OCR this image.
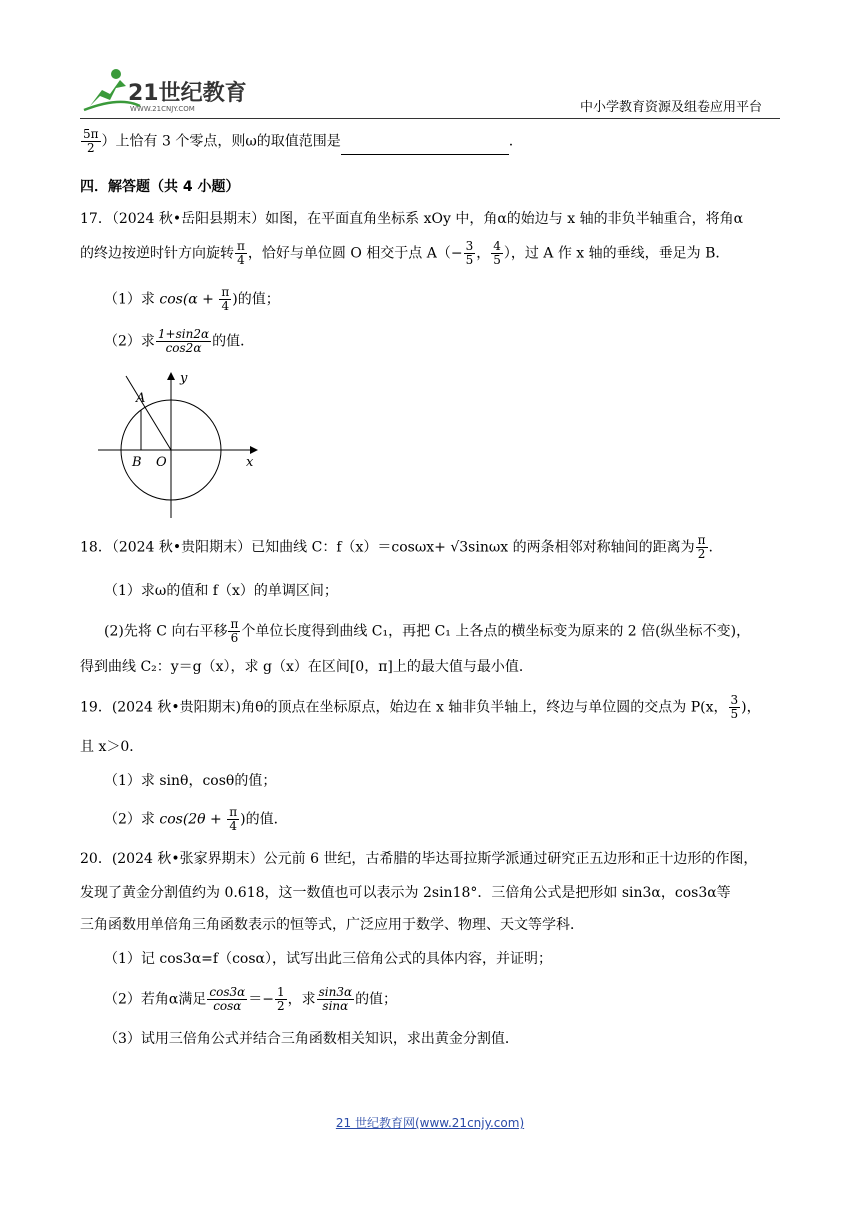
21世纪教育
WWW.21CNJY.COM	中小学教育资源及组卷应用平台
$\frac{5\pi}{2}$ ）上恰有 3 个零点，则ω的取值范围是	.
四．解答题（共 4 小题）
17．（2024 秋•岳阳县期末）如图，在平面直角坐标系 xOy 中，角α的始边与 x 轴的非负半轴重合，将角α
的终边按逆时针方向旋转 $\frac{\pi}{4}$ ，恰好与单位圆 O 相交于点 $A(- \frac{3}{5}$ ， $\frac{4}{5}$ ），过 A 作 x 轴的垂线，垂足为 B．
（1）求 $\cos(\alpha + \frac{\pi}{4}$ )的值；
（2）求 $\frac{1+\sin 2\alpha}{\cos 2\alpha}$ 的值．
A
B O	x
y
18．（2024 秋•贵阳期末）已知曲线 C：f（x）＝cosωx+ √3sinωx 的两条相邻对称轴间的距离为 $\frac{\pi}{2}$ .
（1）求ω的值和 f（x）的单调区间；
(2)先将 C 向右平移 $\frac{\pi}{6}$ 个单位长度得到曲线 C₁，再把 C₁ 上各点的横坐标变为原来的 2 倍(纵坐标不变)，
得到曲线 C₂：y＝g（x），求 g（x）在区间[0，π]上的最大值与最小值．
19．(2024 秋•贵阳期末)角θ的顶点在坐标原点，始边在 x 轴非负半轴上，终边与单位圆的交点为 P(x， $\frac{3}{5}$ )，
且 x＞0．
（1）求 sinθ，cosθ的值；
（2）求 $\cos(2\theta + \frac{\pi}{4}$ )的值．
20．(2024 秋•张家界期末）公元前 6 世纪，古希腊的毕达哥拉斯学派通过研究正五边形和正十边形的作图，
发现了黄金分割值约为 0.618，这一数值也可以表示为 2sin18°．三倍角公式是把形如 sin3α，cos3α等
三角函数用单倍角三角函数表示的恒等式，广泛应用于数学、物理、天文等学科．
（1）记 cos3α=f（cosα），试写出此三倍角公式的具体内容，并证明；
（2）若角α满足 $\frac{\cos 3\alpha}{\cos\alpha} =- \frac{1}{2}$ ，求 $\frac{\sin 3\alpha}{\sin\alpha}$ 的值；
（3）试用三倍角公式并结合三角函数相关知识，求出黄金分割值．
21 世纪教育网(www.21cnjy.com)
